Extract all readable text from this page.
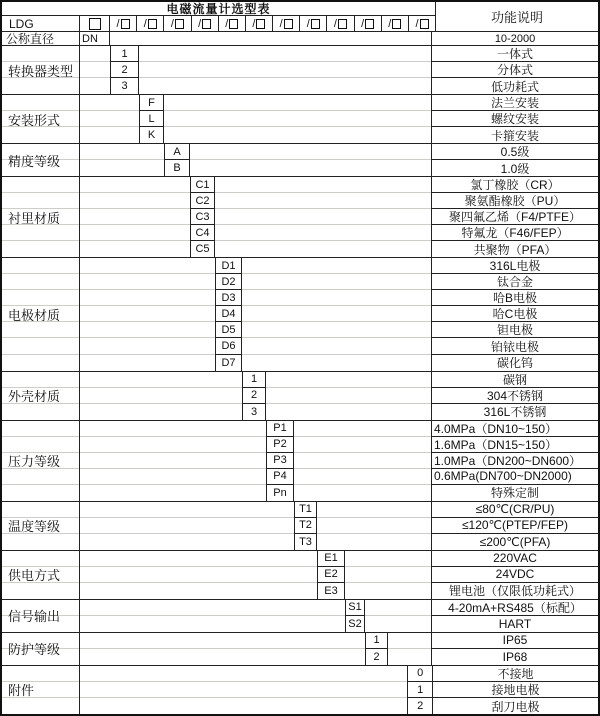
电磁流量计选型表
LDG	/	/	/	/	/	/	/	/	/	/	/	/	功能说明
公称直径	DN	10-2000
转换器类型
1	一体式
2	分体式
3	低功耗式
安装形式
F	法兰安装
L	螺纹安装
K	卡箍安装
精度等级
A	0.5级
B	1.0级
衬里材质
C1	氯丁橡胶（CR）
C2	聚氨酯橡胶（PU）
C3	聚四氟乙烯（F4/PTFE）
C4	特氟龙（F46/FEP）
C5	共聚物（PFA）
电极材质
D1	316L电极
D2	钛合金
D3	哈B电极
D4	哈C电极
D5	钽电极
D6	铂铱电极
D7	碳化钨
外壳材质
1	碳钢
2	304不锈钢
3	316L不锈钢
压力等级
P1	4.0MPa（DN10~150）
P2	1.6MPa（DN15~150）
P3	1.0MPa（DN200~DN600）
P4	0.6MPa(DN700~DN2000)
Pn	特殊定制
温度等级
T1	≤80℃(CR/PU)
T2	≤120℃(PTEP/FEP)
T3	≤200℃(PFA)
供电方式
E1	220VAC
E2	24VDC
E3	锂电池（仅限低功耗式）
信号输出
S1	4-20mA+RS485（标配）
S2	HART
防护等级
1	IP65
2	IP68
附件
0	不接地
1	接地电极
2	刮刀电极
